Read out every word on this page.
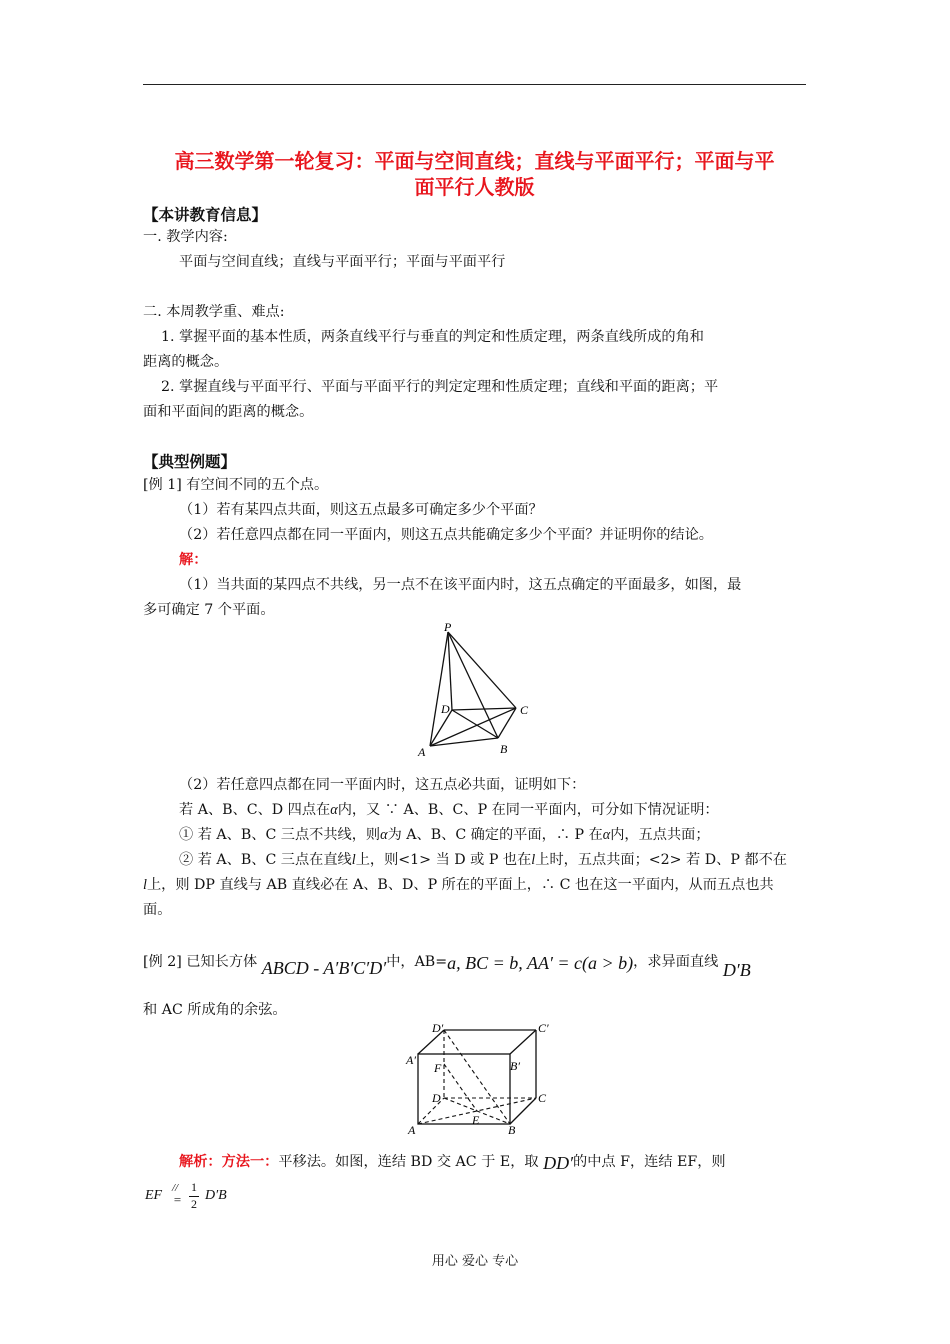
高三数学第一轮复习：平面与空间直线；直线与平面平行；平面与平
面平行人教版
【本讲教育信息】
一. 教学内容:
平面与空间直线；直线与平面平行；平面与平面平行
二. 本周教学重、难点:
1. 掌握平面的基本性质，两条直线平行与垂直的判定和性质定理，两条直线所成的角和
距离的概念。
2. 掌握直线与平面平行、平面与平面平行的判定定理和性质定理；直线和平面的距离；平
面和平面间的距离的概念。
【典型例题】
[例 1] 有空间不同的五个点。
（1）若有某四点共面，则这五点最多可确定多少个平面？
（2）若任意四点都在同一平面内，则这五点共能确定多少个平面？并证明你的结论。
解：
（1）当共面的某四点不共线，另一点不在该平面内时，这五点确定的平面最多，如图，最
多可确定 7 个平面。
P
D	C
A	B
（2）若任意四点都在同一平面内时，这五点必共面，证明如下：
若 A、B、C、D 四点在α内，又 ∵ A、B、C、P 在同一平面内，可分如下情况证明：
① 若 A、B、C 三点不共线，则α为 A、B、C 确定的平面，∴ P 在α内，五点共面；
② 若 A、B、C 三点在直线l上，则<1> 当 D 或 P 也在l上时，五点共面；<2> 若 D、P 都不在
l上，则 DP 直线与 AB 直线必在 A、B、D、P 所在的平面上，∴ C 也在这一平面内，从而五点也共
面。
[例 2] 已知长方体 ABCD - A′B′C′D′中，AB=a, BC = b, AA′ = c(a > b)，求异面直线 D′B
和 AC 所成角的余弦。
D′	C′
A′	B′
F
D	C
E
A	B
解析：方法一：平移法。如图，连结 BD 交 AC 于 E，取 DD′的中点 F，连结 EF，则
EF //
=
1
2
D′B
用心 爱心 专心
